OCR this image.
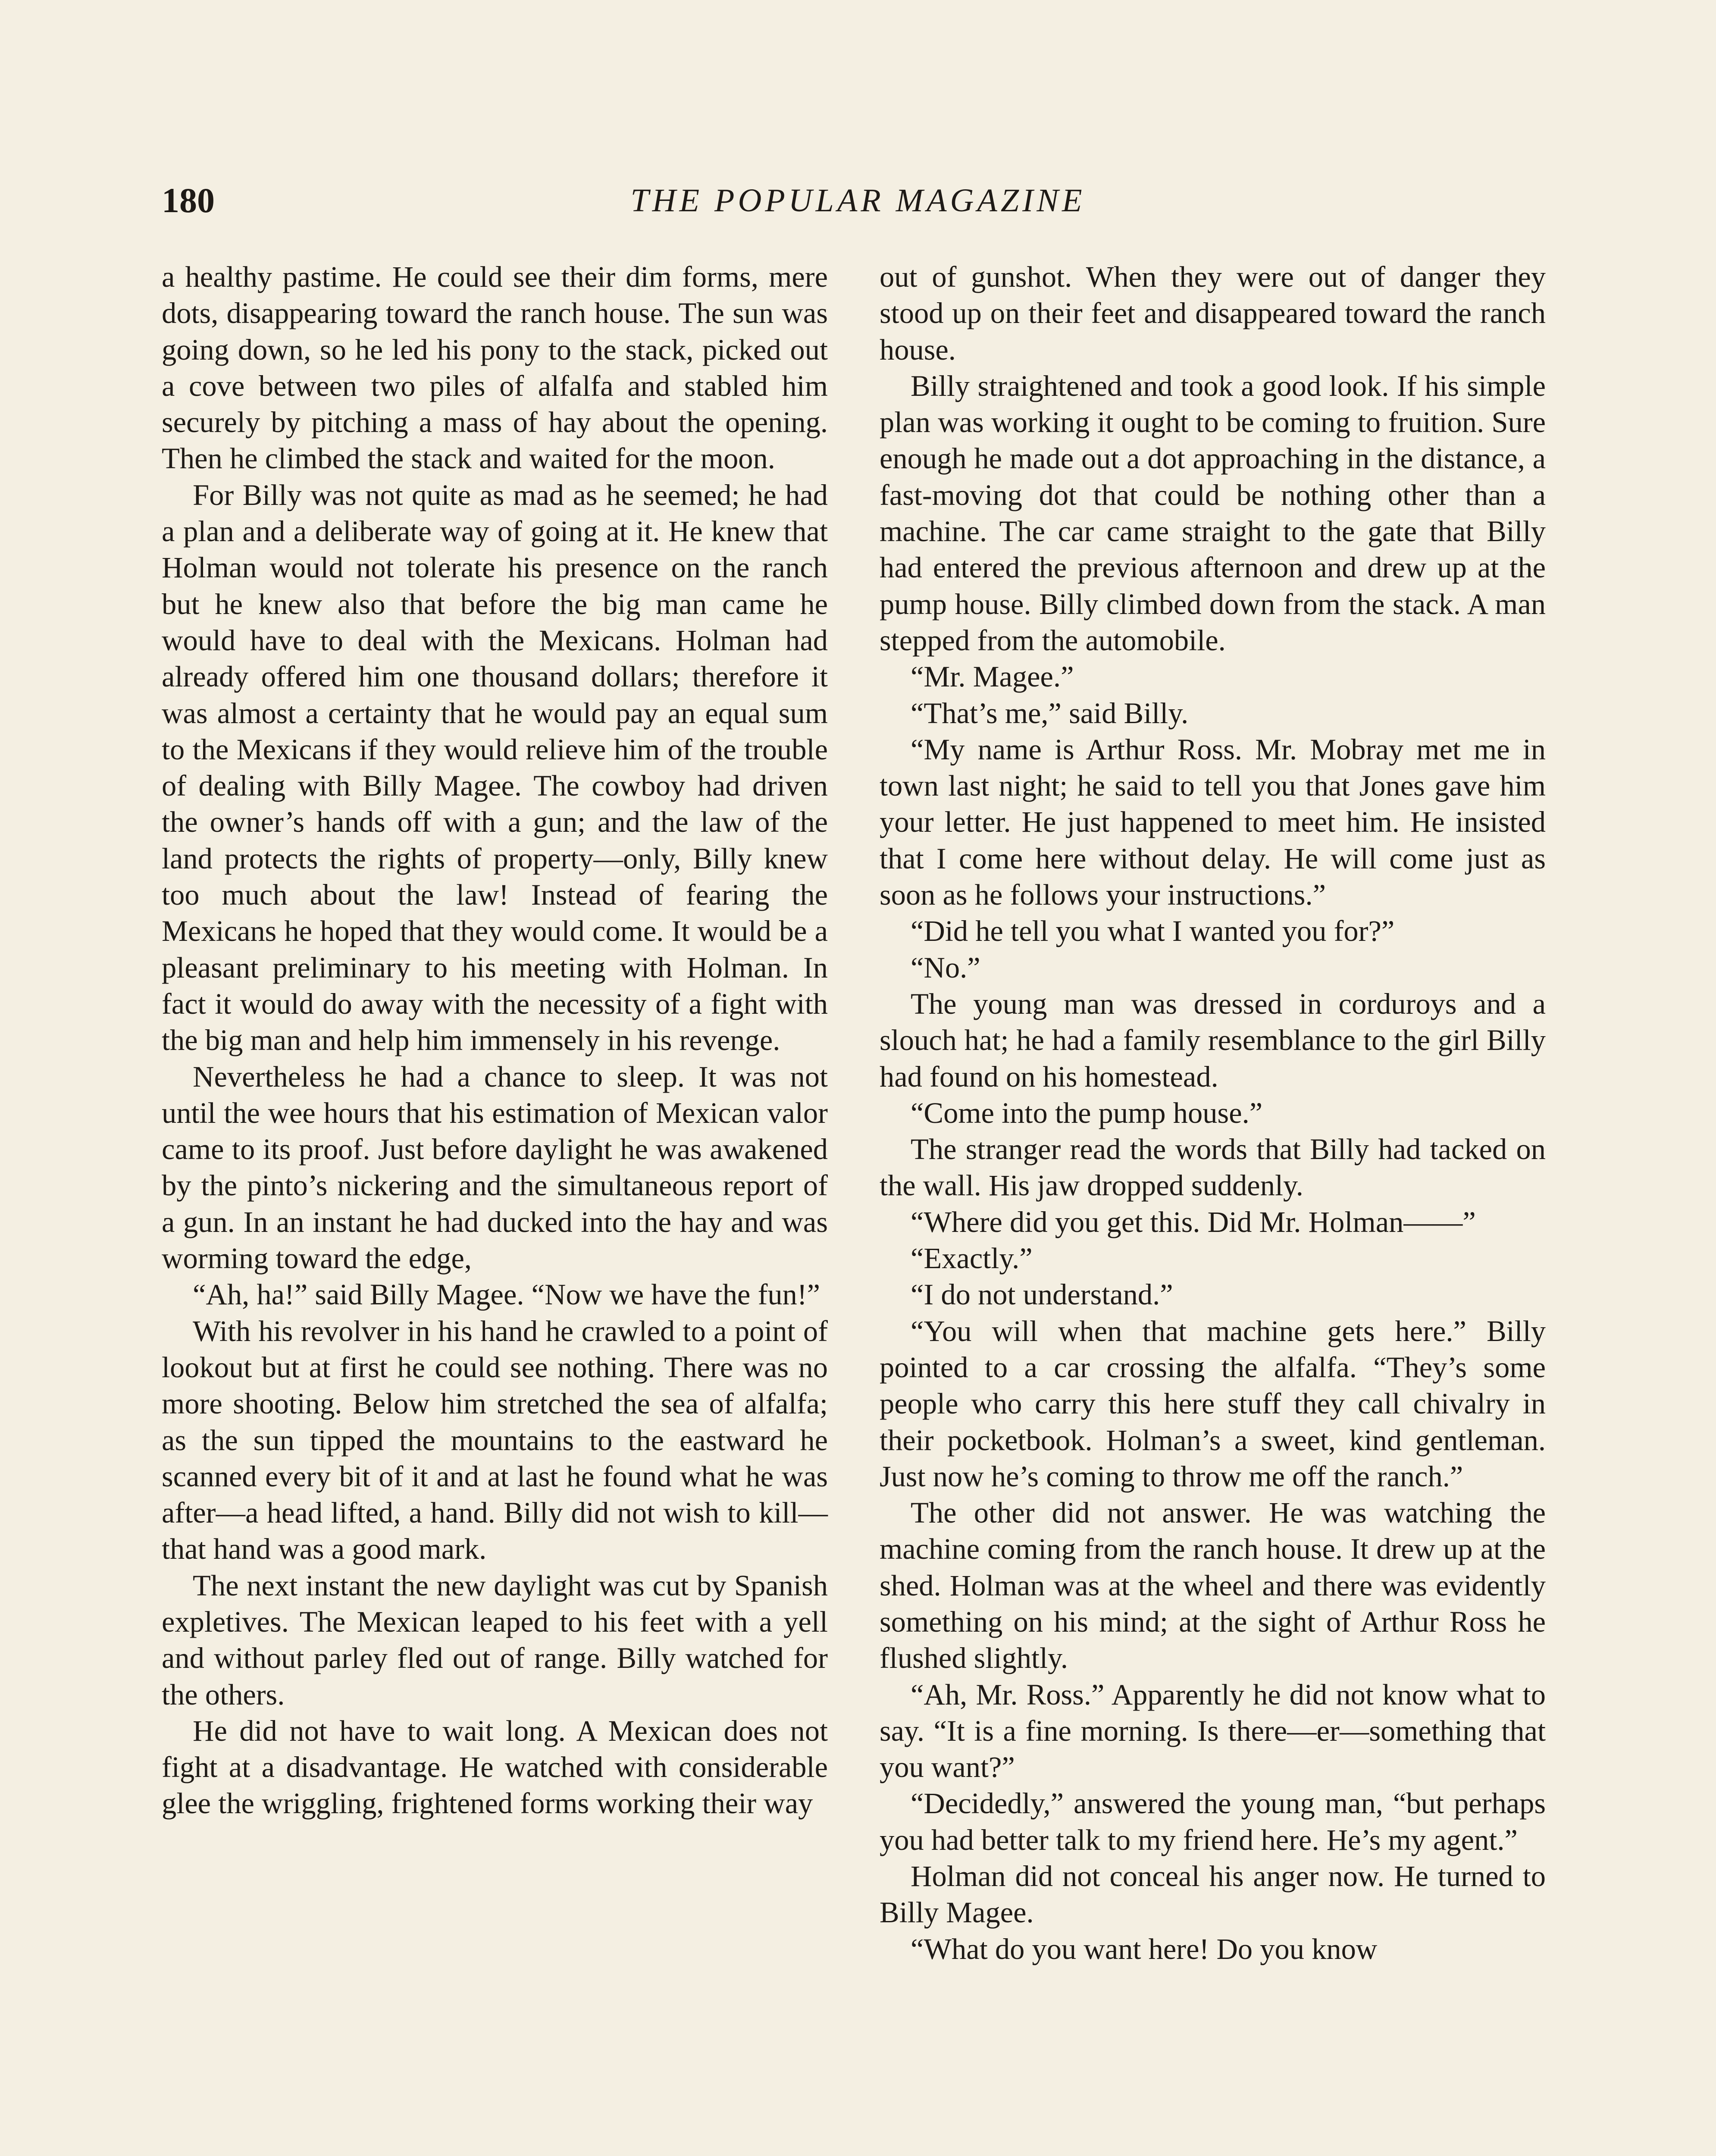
180	THE POPULAR MAGAZINE

a healthy pastime. He could see their dim forms, mere dots, disappearing toward the ranch house. The sun was going down, so he led his pony to the stack, picked out a cove between two piles of alfalfa and stabled him securely by pitching a mass of hay about the opening. Then he climbed the stack and waited for the moon.

For Billy was not quite as mad as he seemed; he had a plan and a deliberate way of going at it. He knew that Holman would not tolerate his presence on the ranch but he knew also that before the big man came he would have to deal with the Mexicans. Holman had already offered him one thousand dollars; therefore it was almost a certainty that he would pay an equal sum to the Mexicans if they would relieve him of the trouble of dealing with Billy Magee. The cowboy had driven the owner’s hands off with a gun; and the law of the land protects the rights of property—only, Billy knew too much about the law! Instead of fearing the Mexicans he hoped that they would come. It would be a pleasant preliminary to his meeting with Holman. In fact it would do away with the necessity of a fight with the big man and help him immensely in his revenge.

Nevertheless he had a chance to sleep. It was not until the wee hours that his estimation of Mexican valor came to its proof. Just before daylight he was awakened by the pinto’s nickering and the simultaneous report of a gun. In an instant he had ducked into the hay and was worming toward the edge,

“Ah, ha!” said Billy Magee. “Now we have the fun!”

With his revolver in his hand he crawled to a point of lookout but at first he could see nothing. There was no more shooting. Below him stretched the sea of alfalfa; as the sun tipped the mountains to the eastward he scanned every bit of it and at last he found what he was after—a head lifted, a hand. Billy did not wish to kill—that hand was a good mark.

The next instant the new daylight was cut by Spanish expletives. The Mexican leaped to his feet with a yell and without parley fled out of range. Billy watched for the others.

He did not have to wait long. A Mexican does not fight at a disadvantage. He watched with considerable glee the wriggling, frightened forms working their way

out of gunshot. When they were out of danger they stood up on their feet and disappeared toward the ranch house.

Billy straightened and took a good look. If his simple plan was working it ought to be coming to fruition. Sure enough he made out a dot approaching in the distance, a fast-moving dot that could be nothing other than a machine. The car came straight to the gate that Billy had entered the previous afternoon and drew up at the pump house. Billy climbed down from the stack. A man stepped from the automobile.

“Mr. Magee.”

“That’s me,” said Billy.

“My name is Arthur Ross. Mr. Mobray met me in town last night; he said to tell you that Jones gave him your letter. He just happened to meet him. He insisted that I come here without delay. He will come just as soon as he follows your instructions.”

“Did he tell you what I wanted you for?”

“No.”

The young man was dressed in corduroys and a slouch hat; he had a family resemblance to the girl Billy had found on his homestead.

“Come into the pump house.”

The stranger read the words that Billy had tacked on the wall. His jaw dropped suddenly.

“Where did you get this. Did Mr. Holman——”

“Exactly.”

“I do not understand.”

“You will when that machine gets here.” Billy pointed to a car crossing the alfalfa. “They’s some people who carry this here stuff they call chivalry in their pocketbook. Holman’s a sweet, kind gentleman. Just now he’s coming to throw me off the ranch.”

The other did not answer. He was watching the machine coming from the ranch house. It drew up at the shed. Holman was at the wheel and there was evidently something on his mind; at the sight of Arthur Ross he flushed slightly.

“Ah, Mr. Ross.” Apparently he did not know what to say. “It is a fine morning. Is there—er—something that you want?”

“Decidedly,” answered the young man, “but perhaps you had better talk to my friend here. He’s my agent.”

Holman did not conceal his anger now. He turned to Billy Magee.

“What do you want here! Do you know
